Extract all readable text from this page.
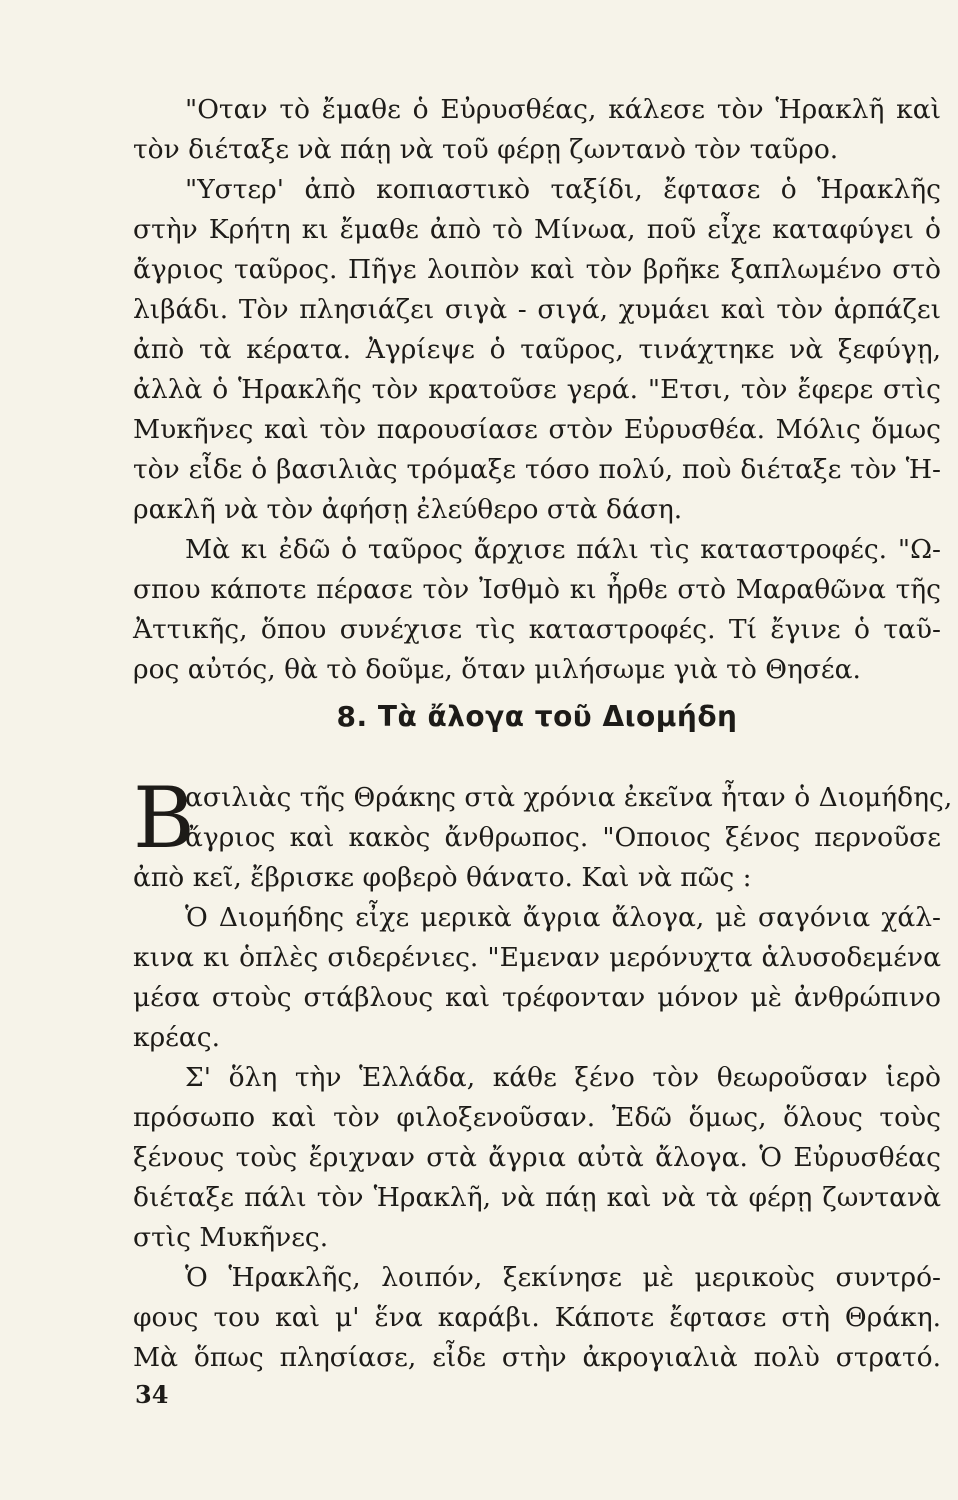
"Οταν τὸ ἔμαθε ὁ Εὐρυσθέας, κάλεσε τὸν Ἡρακλῆ καὶ
τὸν διέταξε νὰ πάῃ νὰ τοῦ φέρῃ ζωντανὸ τὸν ταῦρο.
"Υστερ' ἀπὸ κοπιαστικὸ ταξίδι, ἔφτασε ὁ Ἡρακλῆς
στὴν Κρήτη κι ἔμαθε ἀπὸ τὸ Μίνωα, ποῦ εἶχε καταφύγει ὁ
ἄγριος ταῦρος. Πῆγε λοιπὸν καὶ τὸν βρῆκε ξαπλωμένο στὸ
λιβάδι. Τὸν πλησιάζει σιγὰ - σιγά, χυμάει καὶ τὸν ἁρπάζει
ἀπὸ τὰ κέρατα. Ἀγρίεψε ὁ ταῦρος, τινάχτηκε νὰ ξεφύγῃ,
ἀλλὰ ὁ Ἡρακλῆς τὸν κρατοῦσε γερά. "Ετσι, τὸν ἔφερε στὶς
Μυκῆνες καὶ τὸν παρουσίασε στὸν Εὐρυσθέα. Μόλις ὅμως
τὸν εἶδε ὁ βασιλιὰς τρόμαξε τόσο πολύ, ποὺ διέταξε τὸν Ἡ-
ρακλῆ νὰ τὸν ἀφήσῃ ἐλεύθερο στὰ δάση.
Μὰ κι ἐδῶ ὁ ταῦρος ἄρχισε πάλι τὶς καταστροφές. "Ω-
σπου κάποτε πέρασε τὸν Ἰσθμὸ κι ἦρθε στὸ Μαραθῶνα τῆς
Ἀττικῆς, ὅπου συνέχισε τὶς καταστροφές. Τί ἔγινε ὁ ταῦ-
ρος αὐτός, θὰ τὸ δοῦμε, ὅταν μιλήσωμε γιὰ τὸ Θησέα.
8. Τὰ ἄλογα τοῦ Διομήδη
Β
ασιλιὰς τῆς Θράκης στὰ χρόνια ἐκεῖνα ἦταν ὁ Διομήδης,
ἄγριος καὶ κακὸς ἄνθρωπος. "Οποιος ξένος περνοῦσε
ἀπὸ κεῖ, ἔβρισκε φοβερὸ θάνατο. Καὶ νὰ πῶς :
Ὁ Διομήδης εἶχε μερικὰ ἄγρια ἄλογα, μὲ σαγόνια χάλ-
κινα κι ὁπλὲς σιδερένιες. "Εμεναν μερόνυχτα ἁλυσοδεμένα
μέσα στοὺς στάβλους καὶ τρέφονταν μόνον μὲ ἀνθρώπινο
κρέας.
Σ' ὅλη τὴν Ἑλλάδα, κάθε ξένο τὸν θεωροῦσαν ἱερὸ
πρόσωπο καὶ τὸν φιλοξενοῦσαν. Ἐδῶ ὅμως, ὅλους τοὺς
ξένους τοὺς ἔριχναν στὰ ἄγρια αὐτὰ ἄλογα. Ὁ Εὐρυσθέας
διέταξε πάλι τὸν Ἡρακλῆ, νὰ πάῃ καὶ νὰ τὰ φέρῃ ζωντανὰ
στὶς Μυκῆνες.
Ὁ Ἡρακλῆς, λοιπόν, ξεκίνησε μὲ μερικοὺς συντρό-
φους του καὶ μ' ἕνα καράβι. Κάποτε ἔφτασε στὴ Θράκη.
Μὰ ὅπως πλησίασε, εἶδε στὴν ἀκρογιαλιὰ πολὺ στρατό.
34
